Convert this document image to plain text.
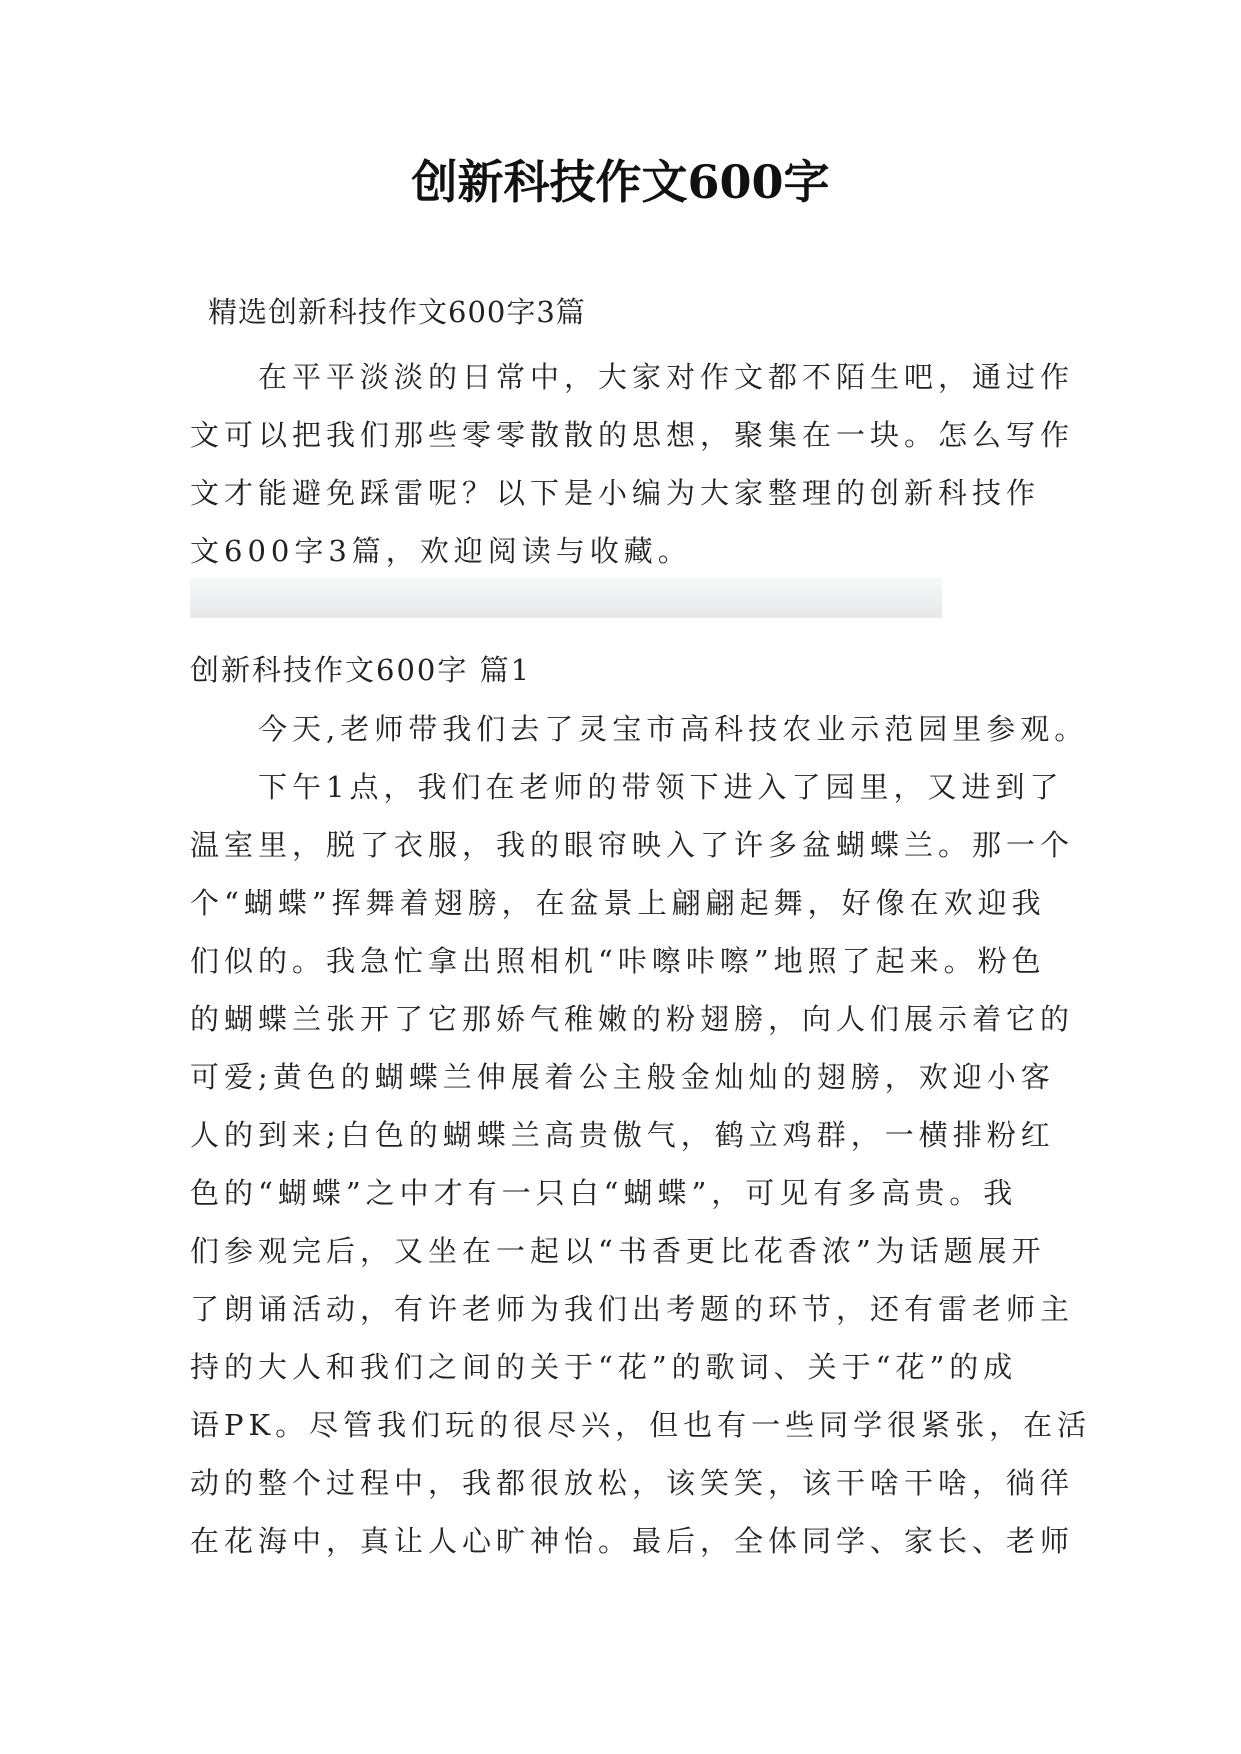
创新科技作文600字

精选创新科技作文600字3篇

在平平淡淡的日常中，大家对作文都不陌生吧，通过作
文可以把我们那些零零散散的思想，聚集在一块。怎么写作
文才能避免踩雷呢？以下是小编为大家整理的创新科技作
文600字3篇，欢迎阅读与收藏。

创新科技作文600字 篇1

今天,老师带我们去了灵宝市高科技农业示范园里参观。
下午1点，我们在老师的带领下进入了园里，又进到了
温室里，脱了衣服，我的眼帘映入了许多盆蝴蝶兰。那一个
个“蝴蝶”挥舞着翅膀，在盆景上翩翩起舞，好像在欢迎我
们似的。我急忙拿出照相机“咔嚓咔嚓”地照了起来。粉色
的蝴蝶兰张开了它那娇气稚嫩的粉翅膀，向人们展示着它的
可爱;黄色的蝴蝶兰伸展着公主般金灿灿的翅膀，欢迎小客
人的到来;白色的蝴蝶兰高贵傲气，鹤立鸡群，一横排粉红
色的“蝴蝶”之中才有一只白“蝴蝶”，可见有多高贵。我
们参观完后，又坐在一起以“书香更比花香浓”为话题展开
了朗诵活动，有许老师为我们出考题的环节，还有雷老师主
持的大人和我们之间的关于“花”的歌词、关于“花”的成
语PK。尽管我们玩的很尽兴，但也有一些同学很紧张，在活
动的整个过程中，我都很放松，该笑笑，该干啥干啥，徜徉
在花海中，真让人心旷神怡。最后，全体同学、家长、老师
